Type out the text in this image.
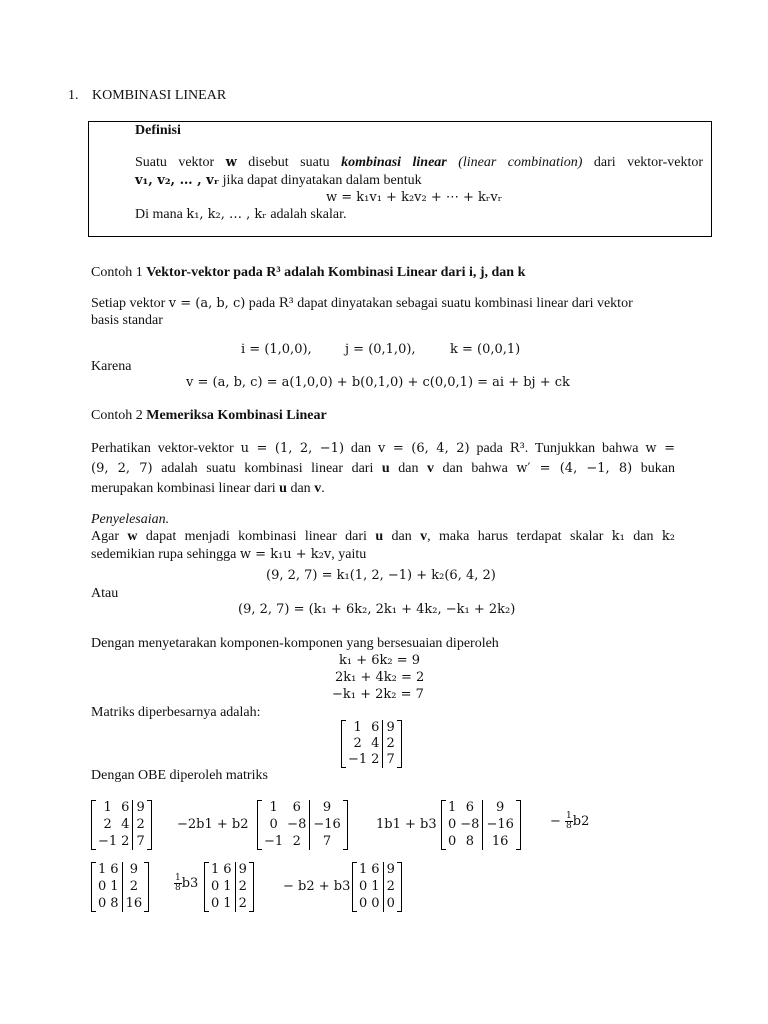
1. KOMBINASI LINEAR
Definisi
Suatu vektor w disebut suatu kombinasi linear (linear combination) dari vektor-vektor
v₁, v₂, … , vᵣ jika dapat dinyatakan dalam bentuk
w = k₁v₁ + k₂v₂ + ⋯ + kᵣvᵣ
Di mana k₁, k₂, … , kᵣ adalah skalar.
Contoh 1 Vektor-vektor pada R³ adalah Kombinasi Linear dari i, j, dan k
Setiap vektor v = (a, b, c) pada R³ dapat dinyatakan sebagai suatu kombinasi linear dari vektor
basis standar
i = (1,0,0),	j = (0,1,0),	k = (0,0,1)
Karena
v = (a, b, c) = a(1,0,0) + b(0,1,0) + c(0,0,1) = ai + bj + ck
Contoh 2 Memeriksa Kombinasi Linear
Perhatikan vektor-vektor u = (1, 2, −1) dan v = (6, 4, 2) pada R³. Tunjukkan bahwa w =
(9, 2, 7) adalah suatu kombinasi linear dari u dan v dan bahwa w′ = (4, −1, 8) bukan
merupakan kombinasi linear dari u dan v.
Penyelesaian.
Agar w dapat menjadi kombinasi linear dari u dan v, maka harus terdapat skalar k₁ dan k₂
sedemikian rupa sehingga w = k₁u + k₂v, yaitu
(9, 2, 7) = k₁(1, 2, −1) + k₂(6, 4, 2)
Atau
(9, 2, 7) = (k₁ + 6k₂, 2k₁ + 4k₂, −k₁ + 2k₂)
Dengan menyetarakan komponen-komponen yang bersesuaian diperoleh
k₁ + 6k₂ = 9
2k₁ + 4k₂ = 2
−k₁ + 2k₂ = 7
Matriks diperbesarnya adalah:
1
2
−1
6
4
2
9
2
7
Dengan OBE diperoleh matriks
1
2
−1
6
4
2
9
2
7
−2b1 + b2
1
0
−1
6
−8
2
9
−16
7
1b1 + b3
1
0
0
6
−8
8
9
−16
16
− $\frac{1}{8} b2$
1
0
0
6
1
8
9
2
16
$\frac{1}{8} b3$
1
0
0
6
1
1
9
2
2
− b2 + b3
1
0
0
6
1
0
9
2
0
